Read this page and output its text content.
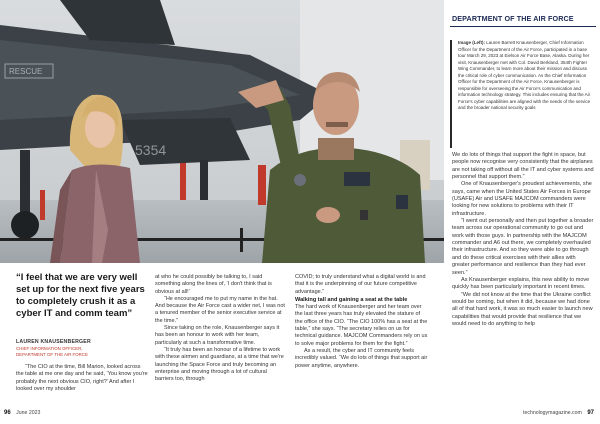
RESCUE
5354
DEPARTMENT OF THE AIR FORCE
Image (Left): Lauren Barrett Knausenberger, Chief Information Officer for the Department of the Air Force, participated in a base tour March 29, 2023 at Eielson Air Force Base, Alaska. During her visit, Knausenberger met with Col. David Berkland, 354th Fighter Wing Commander, to learn more about their mission and discuss the critical role of cyber communication. As the Chief Information Officer for the Department of the Air Force, Knausenberger is responsible for overseeing the Air Force's communication and information technology strategy. This includes ensuring that the Air Force's cyber capabilities are aligned with the needs of the service and the broader national security goals

We do lots of things that support the fight in space, but people now recognise very consistently that the airplanes are not taking off without all the IT and cyber systems and personnel that support them.”

One of Knausenberger's proudest achievements, she says, came when the United States Air Forces in Europe (USAFE) Air and USAFE MAJCOM commanders were looking for new solutions to problems with their IT infrastructure.

“I went out personally and then put together a broader team across our operational community to go out and work with those guys. In partnership with the MAJCOM commander and A6 out there, we completely overhauled their infrastructure. And so they were able to go through and do these critical exercises with their allies with greater performance and resilience than they had ever seen.”

As Knausenberger explains, this new ability to move quickly has been particularly important in recent times.

“We did not know at the time that the Ukraine conflict would be coming, but when it did, because we had done all of that hard work, it was so much easier to launch new capabilities that would provide that resilience that we would need to do anything to help

“I feel that we are very well set up for the next five years to completely crush it as a cyber IT and comm team”
LAUREN KNAUSENBERGER
CHIEF INFORMATION OFFICER,
DEPARTMENT OF THE AIR FORCE

“The CIO at the time, Bill Marion, looked across the table at me one day and he said, ‘You know you're probably the next obvious CIO, right?’ And after I looked over my shoulder

at who he could possibly be talking to, I said something along the lines of, ‘I don't think that is obvious at all!’

“He encouraged me to put my name in the hat. And because the Air Force cast a wider net, I was not a tenured member of the senior executive service at the time.”

Since taking on the role, Knausenberger says it has been an honour to work with her team, particularly at such a transformative time.

“It truly has been an honour of a lifetime to work with these airmen and guardians, at a time that we're launching the Space Force and truly becoming an enterprise and moving through a lot of cultural barriers too, through

COVID; to truly understand what a digital world is and that it is the underpinning of our future competitive advantage.”

Walking tall and gaining a seat at the table

The hard work of Knausenberger and her team over the last three years has truly elevated the stature of the office of the CIO. “The CIO 100% has a seat at the table,” she says. “The secretary relies on us for technical guidance. MAJCOM Commanders rely on us to solve major problems for them for the fight.”

As a result, the cyber and IT community feels incredibly valued. “We do lots of things that support air power anytime, anywhere.

96 June 2023	technologymagazine.com 97
